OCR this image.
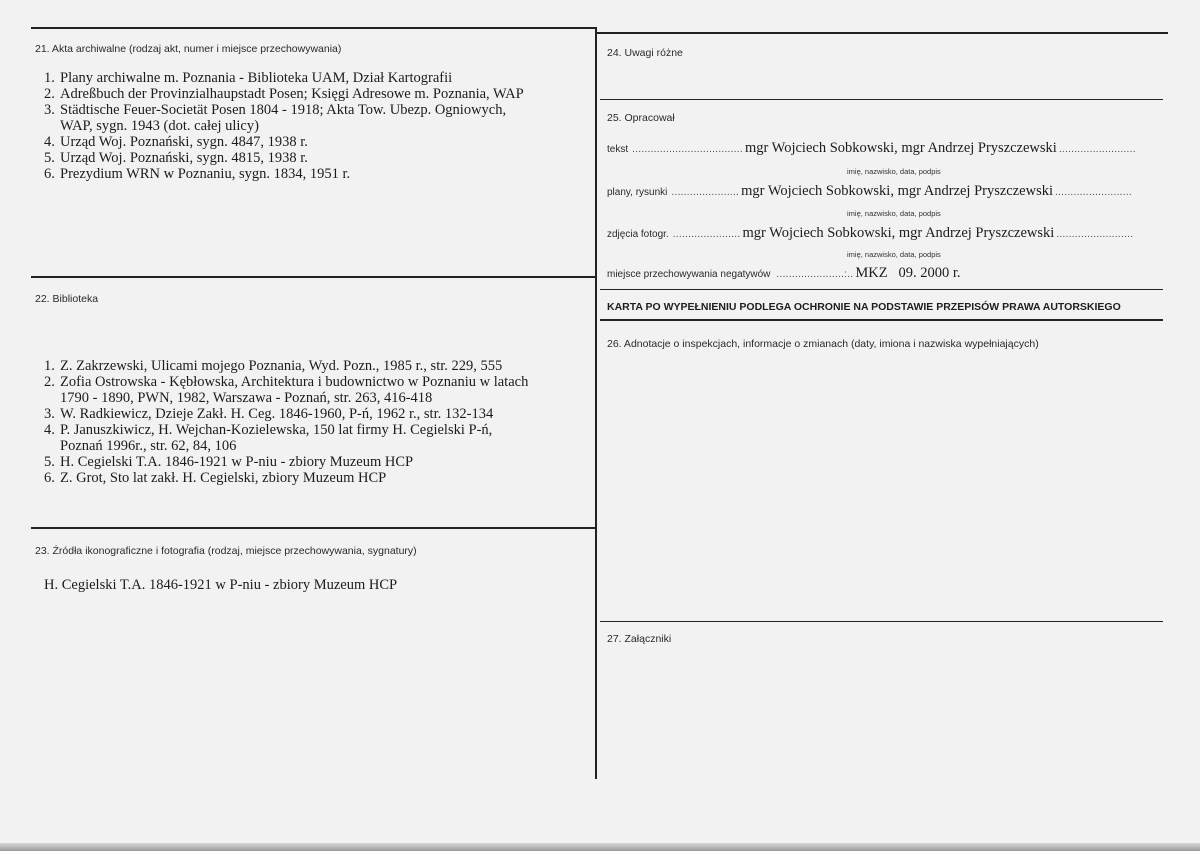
21. Akta archiwalne (rodzaj akt, numer i miejsce przechowywania)
1. Plany archiwalne m. Poznania - Biblioteka UAM, Dział Kartografii
2. Adreßbuch der Provinzialhaupstadt Posen; Księgi Adresowe m. Poznania, WAP
3. Städtische Feuer-Societät Posen 1804 - 1918; Akta Tow. Ubezp. Ogniowych,
WAP, sygn. 1943 (dot. całej ulicy)
4. Urząd Woj. Poznański, sygn. 4847, 1938 r.
5. Urząd Woj. Poznański, sygn. 4815, 1938 r.
6. Prezydium WRN w Poznaniu, sygn. 1834, 1951 r.
22. Biblioteka
1. Z. Zakrzewski, Ulicami mojego Poznania, Wyd. Pozn., 1985 r., str. 229, 555
2. Zofia Ostrowska - Kębłowska, Architektura i budownictwo w Poznaniu w latach
1790 - 1890, PWN, 1982, Warszawa - Poznań, str. 263, 416-418
3. W. Radkiewicz, Dzieje Zakł. H. Ceg. 1846-1960, P-ń, 1962 r., str. 132-134
4. P. Januszkiwicz, H. Wejchan-Kozielewska, 150 lat firmy H. Cegielski P-ń,
Poznań 1996r., str. 62, 84, 106
5. H. Cegielski T.A. 1846-1921 w P-niu - zbiory Muzeum HCP
6. Z. Grot, Sto lat zakł. H. Cegielski, zbiory Muzeum HCP
23. Źródła ikonograficzne i fotografia (rodzaj, miejsce przechowywania, sygnatury)
H. Cegielski T.A. 1846-1921 w P-niu - zbiory Muzeum HCP
24. Uwagi różne
25. Opracował
tekst .................................... mgr Wojciech Sobkowski, mgr Andrzej Pryszczewski .........................
imię, nazwisko, data, podpis
plany, rysunki ...................... mgr Wojciech Sobkowski, mgr Andrzej Pryszczewski .........................
imię, nazwisko, data, podpis
zdjęcia fotogr. ...................... mgr Wojciech Sobkowski, mgr Andrzej Pryszczewski .........................
imię, nazwisko, data, podpis
miejsce przechowywania negatywów ......................:.. MKZ   09. 2000 r.
KARTA PO WYPEŁNIENIU PODLEGA OCHRONIE NA PODSTAWIE PRZEPISÓW PRAWA AUTORSKIEGO
26. Adnotacje o inspekcjach, informacje o zmianach (daty, imiona i nazwiska wypełniających)
27. Załączniki
